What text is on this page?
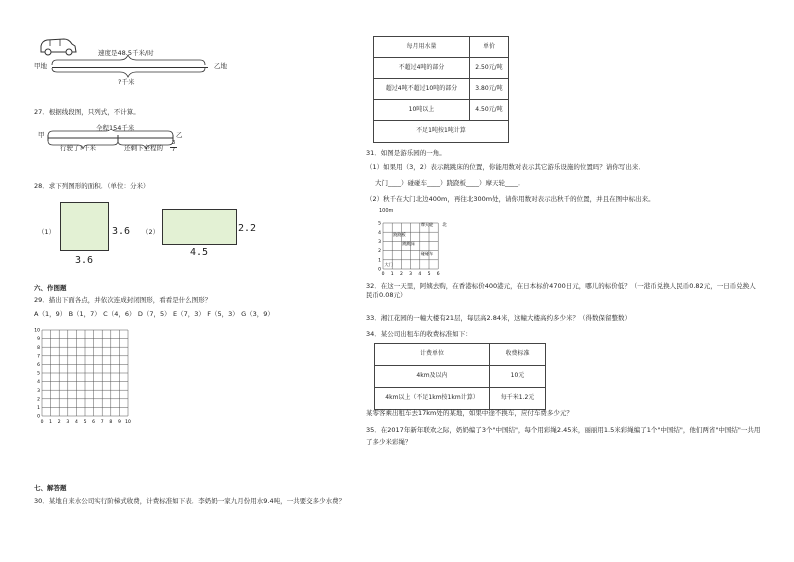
速度是48.5千米/时
甲地	乙地
?千米
27．根据线段图，只列式，不计算。
全程154千米
甲	乙
行驶了?千米	还剩下全程的 $\frac{3}{7}$
28．求下列图形的面积．（单位：分米）
（1）	3.6
3.6
（2）	2.2
4.5
六、作图题
29．描出下面各点，并依次连成封闭图形，看看是什么图形？
A（1，9） B（1，7） C（4，6） D（7，5） E（7，3） F（5，3） G（3，9）
0 1 2 3 4 5 6 7 8 9 10
10
9
8
7
6
5
4
3
2
1
0
七、解答题
30．某地自来水公司实行阶梯式收费，计费标准如下表．李奶奶一家九月份用水9.4吨，一共要交多少水费？
每月用水量	单价
不超过4吨的部分	2.50元/吨
超过4吨不超过10吨的部分	3.80元/吨
10吨以上	4.50元/吨
不足1吨按1吨计算	
31．如图是游乐园的一角。
（1）如果用（3，2）表示跳跳床的位置，你能用数对表示其它游乐设施的位置吗？请你写出来．
大门____）碰碰车____）跷跷板____）摩天轮____．
（2）秋千在大门北边400m，再往北300m处，请你用数对表示出秋千的位置，并且在图中标出来。
100m
0 1 2 3 4 5 6
5
4
3
2
1
0
北
摩天轮
跷跷板
跳跳床
碰碰车
大门
32．在这一天里，阿姨去购，在香港标价400港元，在日本标价4700日元，哪儿的标价低？（一港币兑换人民币0.82元，一日币兑换人民币0.08元）
33．湘江花园的一幢大楼有21层，每层高2.84米，这幢大楼高约多少米？（得数保留整数）
34．某公司出租车的收费标准如下：
计费单位	收费标准
4km及以内	10元
4km以上（不足1km按1km计算）	每千米1.2元
某零客乘出租车去17km处的某地，如果中途不换车，应付车费多少元？
35．在2017年新年联欢之际，奶奶编了3个"中国结"，每个用彩绳2.45米，丽丽用1.5米彩绳编了1个"中国结"，他们两省"中国结"一共用了多少米彩绳？
